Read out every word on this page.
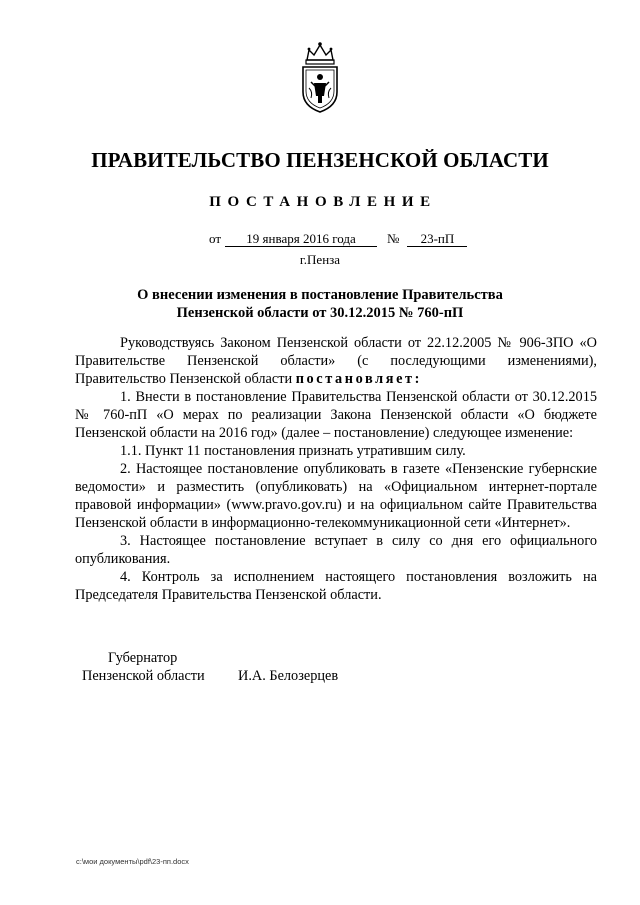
ПРАВИТЕЛЬСТВО ПЕНЗЕНСКОЙ ОБЛАСТИ
ПОСТАНОВЛЕНИЕ
от 19 января 2016 года № 23-пП
г.Пенза
О внесении изменения в постановление Правительства
Пензенской области от 30.12.2015 № 760-пП

Руководствуясь Законом Пензенской области от 22.12.2005 № 906-ЗПО «О Правительстве Пензенской области» (с последующими изменениями), Правительство Пензенской области постановляет:

1. Внести в постановление Правительства Пензенской области от 30.12.2015 № 760-пП «О мерах по реализации Закона Пензенской области «О бюджете Пензенской области на 2016 год» (далее – постановление) следующее изменение:

1.1. Пункт 11 постановления признать утратившим силу.

2. Настоящее постановление опубликовать в газете «Пензенские губернские ведомости» и разместить (опубликовать) на «Официальном интернет-портале правовой информации» (www.pravo.gov.ru) и на официальном сайте Правительства Пензенской области в информационно-телекоммуникационной сети «Интернет».

3. Настоящее постановление вступает в силу со дня его официального опубликования.

4. Контроль за исполнением настоящего постановления возложить на Председателя Правительства Пензенской области.

Губернатор
Пензенской области И.А. Белозерцев
c:\мои документы\pdf\23-пп.docx
